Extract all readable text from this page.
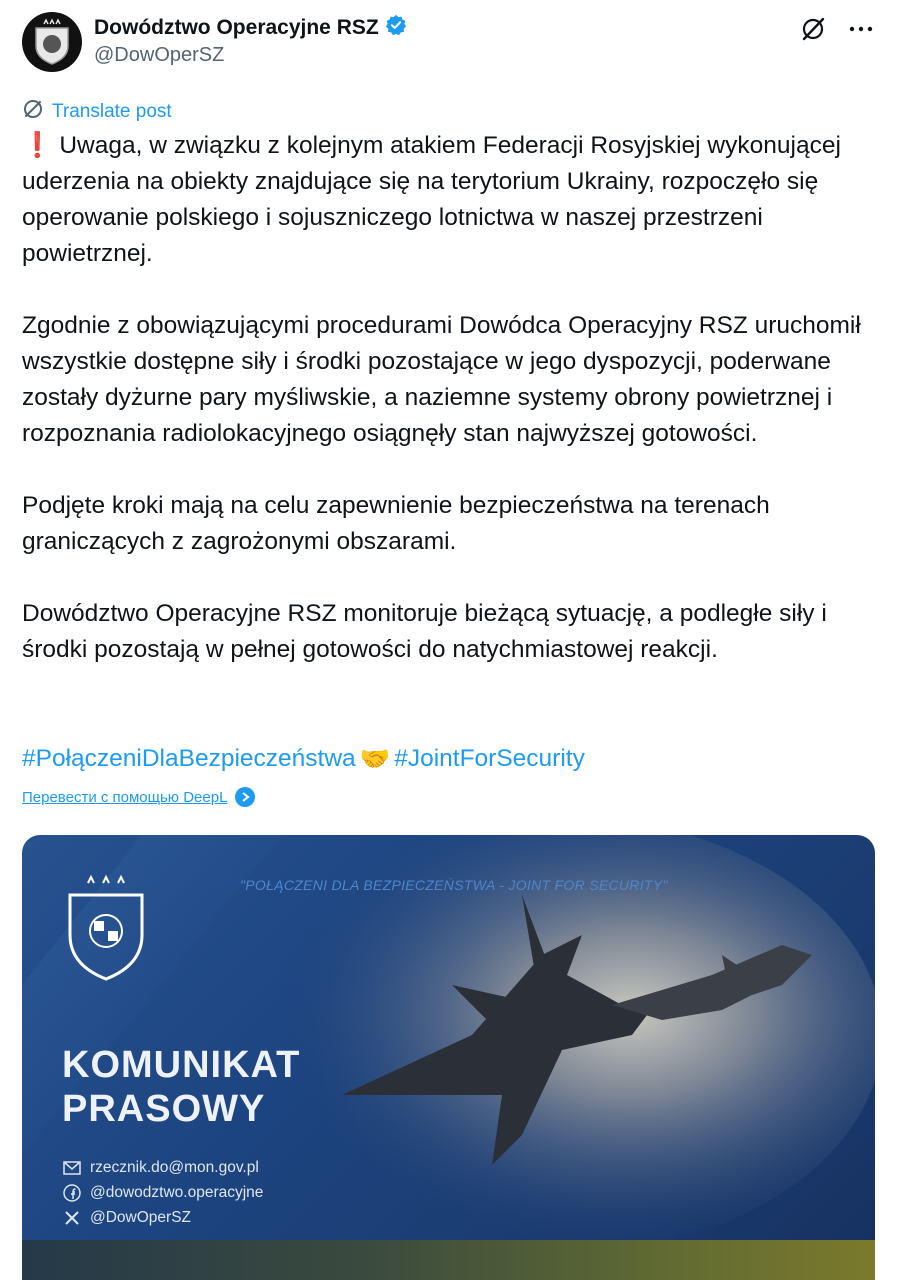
Dowództwo Operacyjne RSZ
@DowOperSZ
Translate post

❗ Uwaga, w związku z kolejnym atakiem Federacji Rosyjskiej wykonującej uderzenia na obiekty znajdujące się na terytorium Ukrainy, rozpoczęło się operowanie polskiego i sojuszniczego lotnictwa w naszej przestrzeni powietrznej.

Zgodnie z obowiązującymi procedurami Dowódca Operacyjny RSZ uruchomił wszystkie dostępne siły i środki pozostające w jego dyspozycji, poderwane zostały dyżurne pary myśliwskie, a naziemne systemy obrony powietrznej i rozpoznania radiolokacyjnego osiągnęły stan najwyższej gotowości.

Podjęte kroki mają na celu zapewnienie bezpieczeństwa na terenach graniczących z zagrożonymi obszarami.

Dowództwo Operacyjne RSZ monitoruje bieżącą sytuację, a podległe siły i środki pozostają w pełnej gotowości do natychmiastowej reakcji.

#PołączeniDlaBezpieczeństwa 🤝 #JointForSecurity
Перевести с помощью DeepL
"POŁĄCZENI DLA BEZPIECZEŃSTWA - JOINT FOR SECURITY"
KOMUNIKAT
PRASOWY
rzecznik.do@mon.gov.pl
@dowodztwo.operacyjne
@DowOperSZ
